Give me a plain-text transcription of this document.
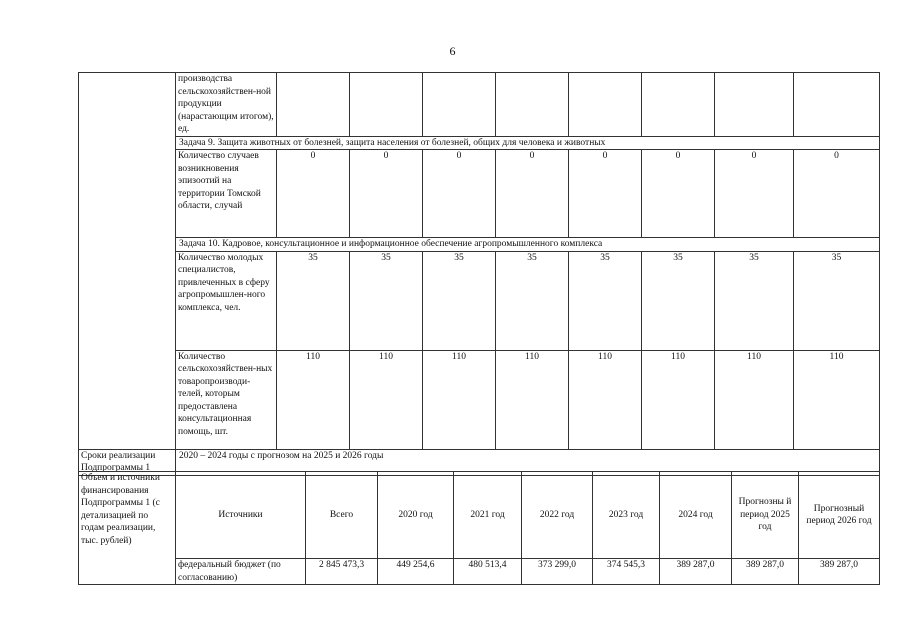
6
	производства сельскохозяйствен-ной продукции (нарастающим итогом), ед.								
	Задача 9. Защита животных от болезней, защита населения от болезней, общих для человека и животных								
	Количество случаев возникновения эпизоотий на территории Томской области, случай	0	0	0	0	0	0	0	0
	Задача 10. Кадровое, консультационное и информационное обеспечение агропромышленного комплекса								
	Количество молодых специалистов, привлеченных в сферу агропромышлен-ного комплекса, чел.	35	35	35	35	35	35	35	35
	Количество сельскохозяйствен-ных товаропроизводи-телей, которым предоставлена консультационная помощь, шт.	110	110	110	110	110	110	110	110
Сроки реализации Подпрограммы 1	2020 – 2024 годы с прогнозом на 2025 и 2026 годы								
Объем и источники финансирования Подпрограммы 1 (с детализацией по годам реализации, тыс. рублей)	Источники	Всего	2020 год	2021 год	2022 год	2023 год	2024 год	Прогнозны й период 2025 год	Прогнозный период 2026 год
	федеральный бюджет (по согласованию)	2 845 473,3	449 254,6	480 513,4	373 299,0	374 545,3	389 287,0	389 287,0	389 287,0
